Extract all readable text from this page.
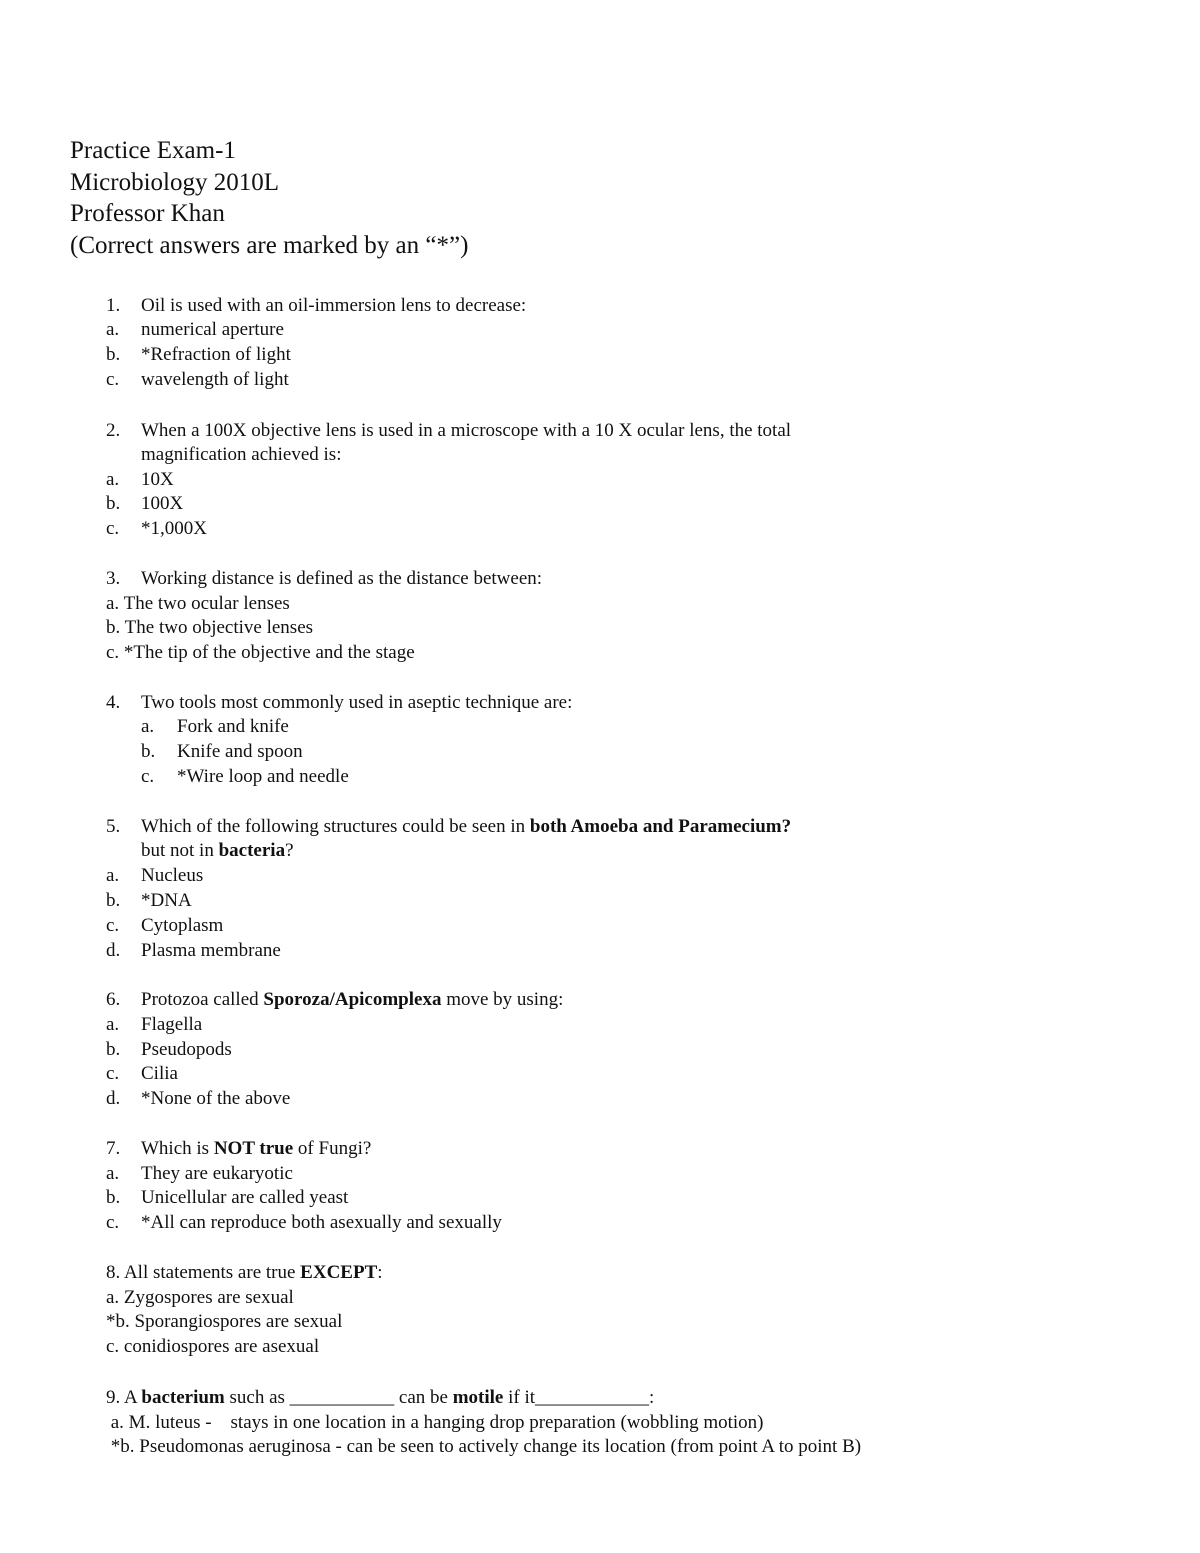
Practice Exam-1
Microbiology 2010L
Professor Khan
(Correct answers are marked by an “*”)
1. Oil is used with an oil-immersion lens to decrease:
a. numerical aperture
b. *Refraction of light
c. wavelength of light
2. When a 100X objective lens is used in a microscope with a 10 X ocular lens, the total
magnification achieved is:
a. 10X
b. 100X
c. *1,000X
3. Working distance is defined as the distance between:
a. The two ocular lenses
b. The two objective lenses
c. *The tip of the objective and the stage
4. Two tools most commonly used in aseptic technique are:
a. Fork and knife
b. Knife and spoon
c. *Wire loop and needle
5. Which of the following structures could be seen in both Amoeba and Paramecium?
but not in bacteria?
a. Nucleus
b. *DNA
c. Cytoplasm
d. Plasma membrane
6. Protozoa called Sporoza/Apicomplexa move by using:
a. Flagella
b. Pseudopods
c. Cilia
d. *None of the above
7. Which is NOT true of Fungi?
a. They are eukaryotic
b. Unicellular are called yeast
c. *All can reproduce both asexually and sexually
8. All statements are true EXCEPT:
a. Zygospores are sexual
*b. Sporangiospores are sexual
c. conidiospores are asexual
9. A bacterium such as ___________ can be motile if it____________:
a. M. luteus -    stays in one location in a hanging drop preparation (wobbling motion)
*b. Pseudomonas aeruginosa - can be seen to actively change its location (from point A to point B)
